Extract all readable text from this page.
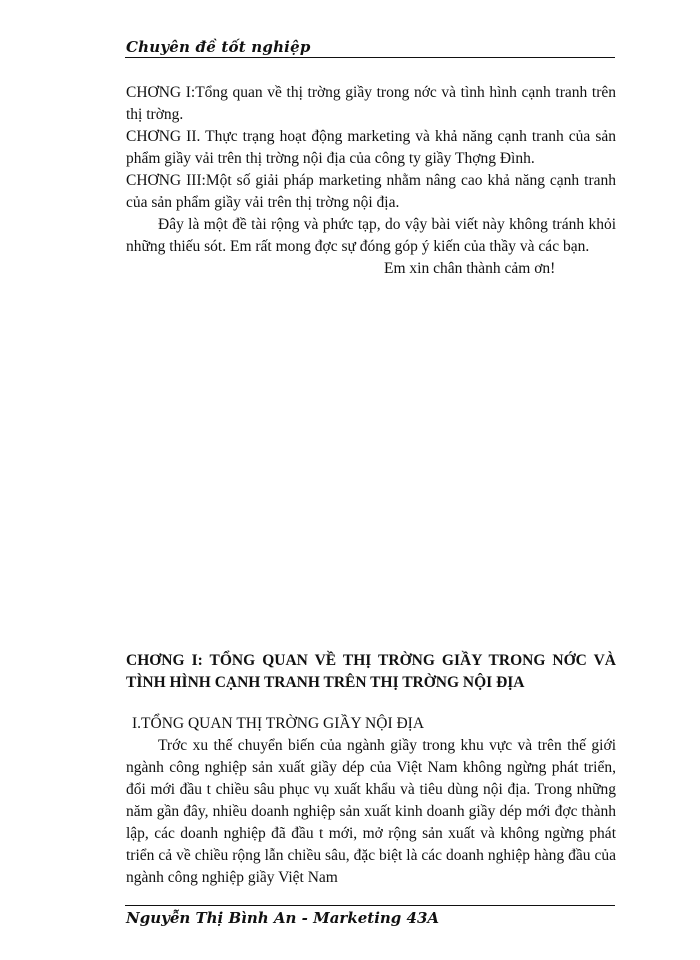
Chuyên đề tốt nghiệp

CHƠNG I:Tổng quan về thị trờng giầy trong nớc và tình hình cạnh tranh trên thị trờng.

CHƠNG II. Thực trạng hoạt động marketing và khả năng cạnh tranh của sản phẩm giầy vải trên thị trờng nội địa của công ty giầy Thợng Đình.

CHƠNG III:Một số giải pháp marketing nhằm nâng cao khả năng cạnh tranh của sản phẩm giầy vải trên thị trờng nội địa.

Đây là một đề tài rộng và phức tạp, do vậy bài viết này không tránh khỏi những thiếu sót. Em rất mong đợc sự đóng góp ý kiến của thầy và các bạn.

Em xin chân thành cảm ơn!

CHƠNG I: TỔNG QUAN VỀ THỊ TRỜNG GIẦY TRONG NỚC VÀ TÌNH HÌNH CẠNH TRANH TRÊN THỊ TRỜNG NỘI ĐỊA
I.TỔNG QUAN THỊ TRỜNG GIẦY NỘI ĐỊA

Trớc xu thế chuyển biến của ngành giầy trong khu vực và trên thế giới ngành công nghiệp sản xuất giầy dép của Việt Nam không ngừng phát triển, đổi mới đầu t chiều sâu phục vụ xuất khẩu và tiêu dùng nội địa. Trong những năm gần đây, nhiều doanh nghiệp sản xuất kinh doanh giầy dép mới đợc thành lập, các doanh nghiệp đã đầu t mới, mở rộng sản xuất và không ngừng phát triển cả về chiều rộng lẫn chiều sâu, đặc biệt là các doanh nghiệp hàng đầu của ngành công nghiệp giầy Việt Nam

Nguyễn Thị Bình An - Marketing 43A
